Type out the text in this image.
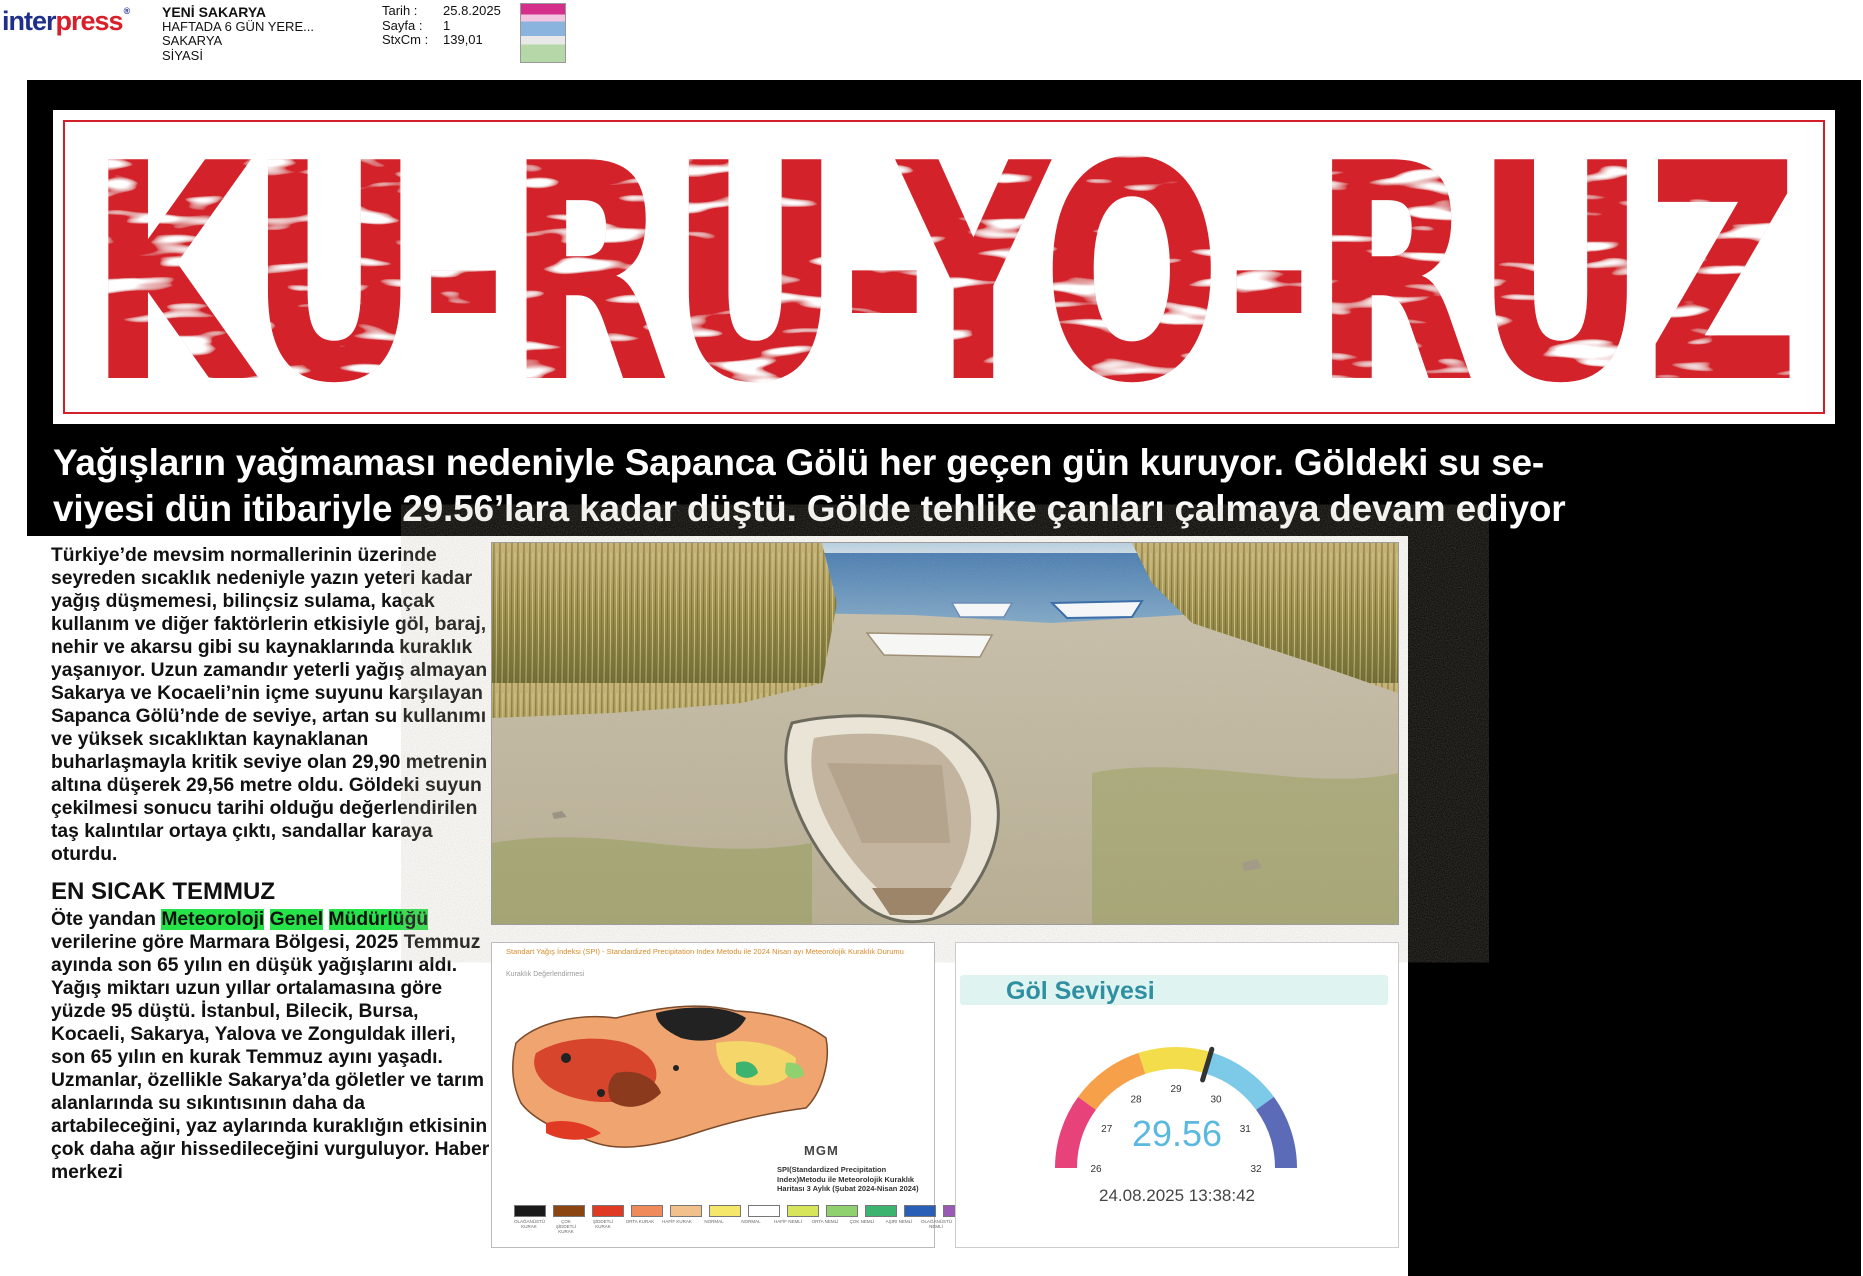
interpress® YENİ SAKARYA
HAFTADA 6 GÜN YERE...
SAKARYA
SİYASİ
Tarih :	25.8.2025
Sayfa :	1
StxCm :	139,01
KU-RU-YO-RUZ
Yağışların yağmaması nedeniyle Sapanca Gölü her geçen gün kuruyor. Göldeki su se-
viyesi dün itibariyle 29.56’lara kadar düştü. Gölde tehlike çanları çalmaya devam ediyor

Türkiye’de mevsim normallerinin üzerinde seyreden sıcaklık nedeniyle yazın yeteri kadar yağış düşmemesi, bilinçsiz sulama, kaçak kullanım ve diğer faktörlerin etkisiyle göl, baraj, nehir ve akarsu gibi su kaynaklarında kuraklık yaşanıyor. Uzun zamandır yeterli yağış almayan Sakarya ve Kocaeli’nin içme suyunu karşılayan Sapanca Gölü’nde de seviye, artan su kullanımı ve yüksek sıcaklıktan kaynaklanan buharlaşmayla kritik seviye olan 29,90 metrenin altına düşerek 29,56 metre oldu. Göldeki suyun çekilmesi sonucu tarihi olduğu değerlendirilen taş kalıntılar ortaya çıktı, sandallar karaya oturdu.

EN SICAK TEMMUZ

Öte yandan Meteoroloji Genel Müdürlüğü verilerine göre Marmara Bölgesi, 2025 Temmuz ayında son 65 yılın en düşük yağışlarını aldı. Yağış miktarı uzun yıllar ortalamasına göre yüzde 95 düştü. İstanbul, Bilecik, Bursa, Kocaeli, Sakarya, Yalova ve Zonguldak illeri, son 65 yılın en kurak Temmuz ayını yaşadı. Uzmanlar, özellikle Sakarya’da göletler ve tarım alanlarında su sıkıntısının daha da artabileceğini, yaz aylarında kuraklığın etkisinin çok daha ağır hissedileceğini vurguluyor. Haber merkezi

Standart Yağış İndeksi (SPI) - Standardized Precipitation Index Metodu ile 2024 Nisan ayı Meteorolojik Kuraklık Durumu
Kuraklık Değerlendirmesi
MGM
SPI(Standardized Precipitation Index)Metodu ile Meteorolojik Kuraklık Haritası 3 Aylık (Şubat 2024-Nisan 2024)
OLAĞANÜSTÜ KURAK
ÇOK ŞİDDETLİ KURAK
ŞİDDETLİ KURAK
ORTA KURAK HAFİF KURAK	NORMAL	NORMAL	HAFİF NEMLİ	ORTA NEMLİ	ÇOK NEMLİ	AŞIRI NEMLİ	OLAĞANÜSTÜ NEMLİ
Göl Seviyesi
26
27
28
29
30
31
32
29.56
24.08.2025 13:38:42
